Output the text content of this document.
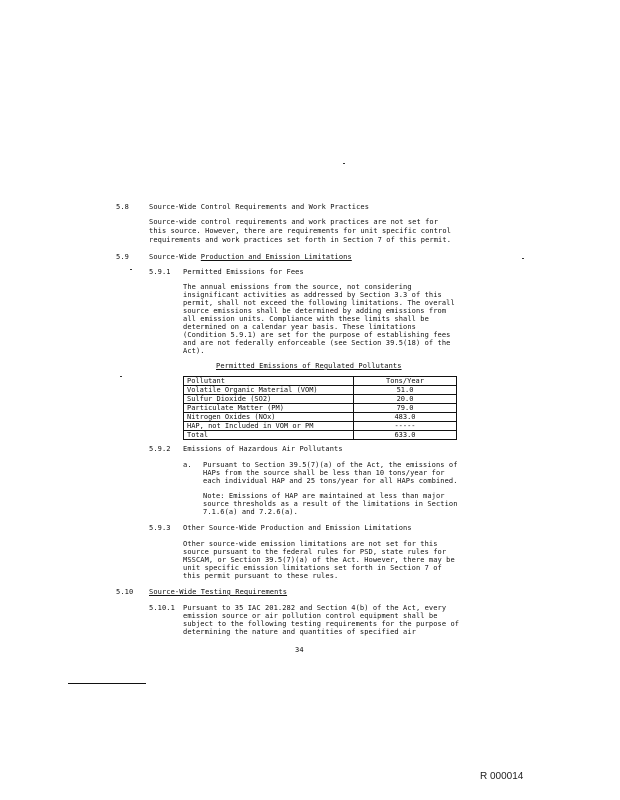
5.8	Source-Wide Control Requirements and Work Practices
Source-wide control requirements and work practices are not set for
this source. However, there are requirements for unit specific control
requirements and work practices set forth in Section 7 of this permit.
5.9	Source-Wide Production and Emission Limitations
5.9.1 Permitted Emissions for Fees
The annual emissions from the source, not considering
insignificant activities as addressed by Section 3.3 of this
permit, shall not exceed the following limitations. The overall
source emissions shall be determined by adding emissions from
all emission units. Compliance with these limits shall be
determined on a calendar year basis. These limitations
(Condition 5.9.1) are set for the purpose of establishing fees
and are not federally enforceable (see Section 39.5(18) of the
Act).
Permitted Emissions of Regulated Pollutants
Pollutant	Tons/Year
Volatile Organic Material (VOM)	51.0
Sulfur Dioxide (SO2)	20.0
Particulate Matter (PM)	79.0
Nitrogen Oxides (NOx)	483.0
HAP, not Included in VOM or PM	-----
Total	633.0
5.9.2 Emissions of Hazardous Air Pollutants
a. Pursuant to Section 39.5(7)(a) of the Act, the emissions of
HAPs from the source shall be less than 10 tons/year for
each individual HAP and 25 tons/year for all HAPs combined.
Note: Emissions of HAP are maintained at less than major
source thresholds as a result of the limitations in Section
7.1.6(a) and 7.2.6(a).
5.9.3 Other Source-Wide Production and Emission Limitations
Other source-wide emission limitations are not set for this
source pursuant to the federal rules for PSD, state rules for
MSSCAM, or Section 39.5(7)(a) of the Act. However, there may be
unit specific emission limitations set forth in Section 7 of
this permit pursuant to these rules.
5.10 Source-Wide Testing Requirements
5.10.1 Pursuant to 35 IAC 201.282 and Section 4(b) of the Act, every
emission source or air pollution control equipment shall be
subject to the following testing requirements for the purpose of
determining the nature and quantities of specified air
34
R 000014
